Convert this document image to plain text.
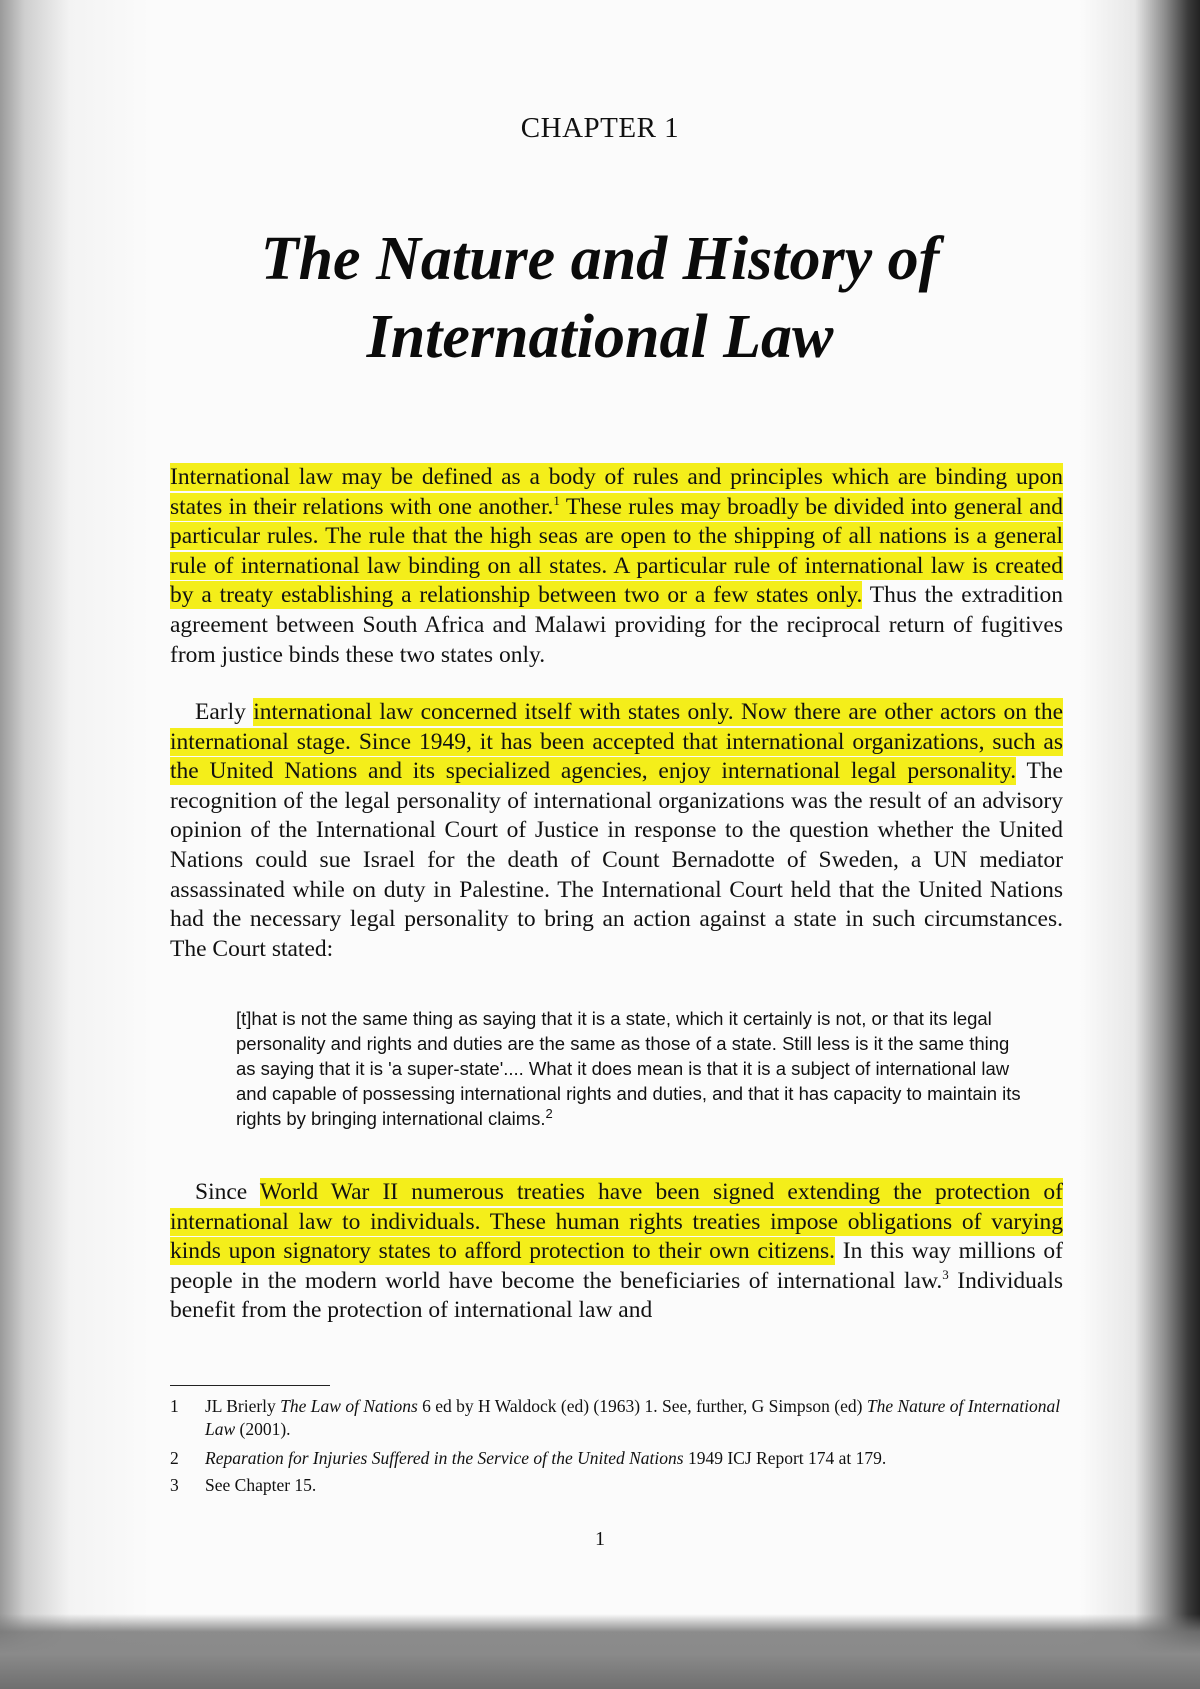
CHAPTER 1
The Nature and History of
International Law

International law may be defined as a body of rules and principles which are binding upon states in their relations with one another.$^1$ These rules may broadly be divided into general and particular rules. The rule that the high seas are open to the shipping of all nations is a general rule of international law binding on all states. A particular rule of international law is created by a treaty establishing a relationship between two or a few states only. Thus the extradition agreement between South Africa and Malawi providing for the reciprocal return of fugitives from justice binds these two states only.

Early international law concerned itself with states only. Now there are other actors on the international stage. Since 1949, it has been accepted that international organizations, such as the United Nations and its specialized agencies, enjoy international legal personality. The recognition of the legal personality of international organizations was the result of an advisory opinion of the International Court of Justice in response to the question whether the United Nations could sue Israel for the death of Count Bernadotte of Sweden, a UN mediator assassinated while on duty in Palestine. The International Court held that the United Nations had the necessary legal personality to bring an action against a state in such circumstances. The Court stated:

[t]hat is not the same thing as saying that it is a state, which it certainly is not, or that its legal personality and rights and duties are the same as those of a state. Still less is it the same thing as saying that it is 'a super-state'.... What it does mean is that it is a subject of international law and capable of possessing international rights and duties, and that it has capacity to maintain its rights by bringing international claims.$^2$

Since World War II numerous treaties have been signed extending the protection of international law to individuals. These human rights treaties impose obligations of varying kinds upon signatory states to afford protection to their own citizens. In this way millions of people in the modern world have become the beneficiaries of international law.$^3$ Individuals benefit from the protection of international law and

1	JL Brierly The Law of Nations 6 ed by H Waldock (ed) (1963) 1. See, further, G Simpson (ed) The Nature of International Law (2001).
2	Reparation for Injuries Suffered in the Service of the United Nations 1949 ICJ Report 174 at 179.
3	See Chapter 15.
1
